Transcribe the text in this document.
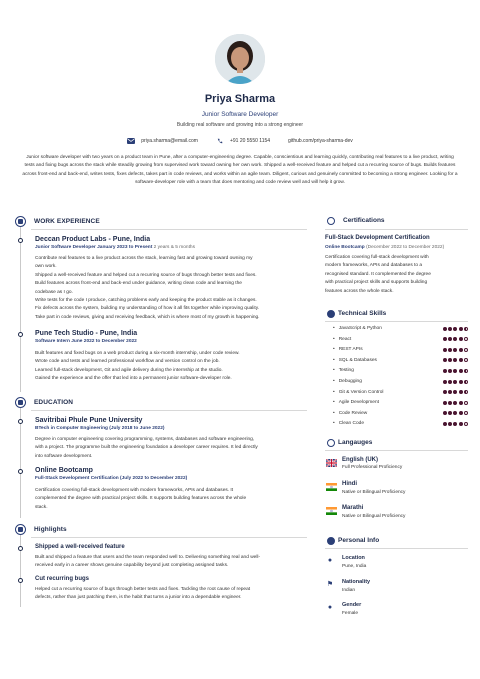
Priya Sharma
Junior Software Developer
Building real software and growing into a strong engineer
priya.sharma@email.com	+91 20 5550 1154	github.com/priya-sharma-dev
Junior software developer with two years on a product team in Pune, after a computer-engineering degree. Capable, conscientious and learning quickly, contributing real features to a live product, writing tests and fixing bugs across the stack while steadily growing from supervised work toward owning her own work. Shipped a well-received feature and helped cut a recurring source of bugs. Builds features across front-end and back-end, writes tests, fixes defects, takes part in code reviews, and works within an agile team. Diligent, curious and genuinely committed to becoming a strong engineer. Looking for a software-developer role with a team that does mentoring and code review well and will help it grow.
WORK EXPERIENCE
Deccan Product Labs - Pune, India
Junior Software Developer January 2023 to Present 2 years & 5 months
Contribute real features to a live product across the stack, learning fast and growing toward owning my
own work.
Shipped a well-received feature and helped cut a recurring source of bugs through better tests and fixes.
Build features across front-end and back-end under guidance, writing clean code and learning the
codebase as I go.
Write tests for the code I produce, catching problems early and keeping the product stable as it changes.
Fix defects across the system, building my understanding of how it all fits together while improving quality.
Take part in code reviews, giving and receiving feedback, which is where most of my growth is happening.
Pune Tech Studio - Pune, India
Software Intern June 2022 to December 2022
Built features and fixed bugs on a web product during a six-month internship, under code review.
Wrote code and tests and learned professional workflow and version control on the job.
Learned full-stack development, Git and agile delivery during the internship at the studio.
Gained the experience and the offer that led into a permanent junior software-developer role.
EDUCATION
Savitribai Phule Pune University
BTech in Computer Engineering (July 2018 to June 2022)
Degree in computer engineering covering programming, systems, databases and software engineering,
with a project. The programme built the engineering foundation a developer career requires. It led directly
into software development.
Online Bootcamp
Full-Stack Development Certification (July 2022 to December 2022)
Certification covering full-stack development with modern frameworks, APIs and databases. It
complemented the degree with practical project skills. It supports building features across the whole
stack.
Highlights
Shipped a well-received feature
Built and shipped a feature that users and the team responded well to. Delivering something real and well-
received early in a career shows genuine capability beyond just completing assigned tasks.
Cut recurring bugs
Helped cut a recurring source of bugs through better tests and fixes. Tackling the root cause of repeat
defects, rather than just patching them, is the habit that turns a junior into a dependable engineer.
Certifications
Full-Stack Development Certification
Online Bootcamp (December 2022 to December 2022)
Certification covering full-stack development with
modern frameworks, APIs and databases to a
recognised standard. It complemented the degree
with practical project skills and supports building
features across the whole stack.
Technical Skills
• JavaScript & Python
• React
• REST APIs
• SQL & Databases
• Testing
• Debugging
• Git & Version Control
• Agile Development
• Code Review
• Clean Code
Langauges
English (UK)
Full Professional Proficiency
Hindi
Native or Bilingual Proficiency
Marathi
Native or Bilingual Proficiency
Personal Info
●	Location
Pune, India
⚑ Nationality
Indian
●	Gender
Female
